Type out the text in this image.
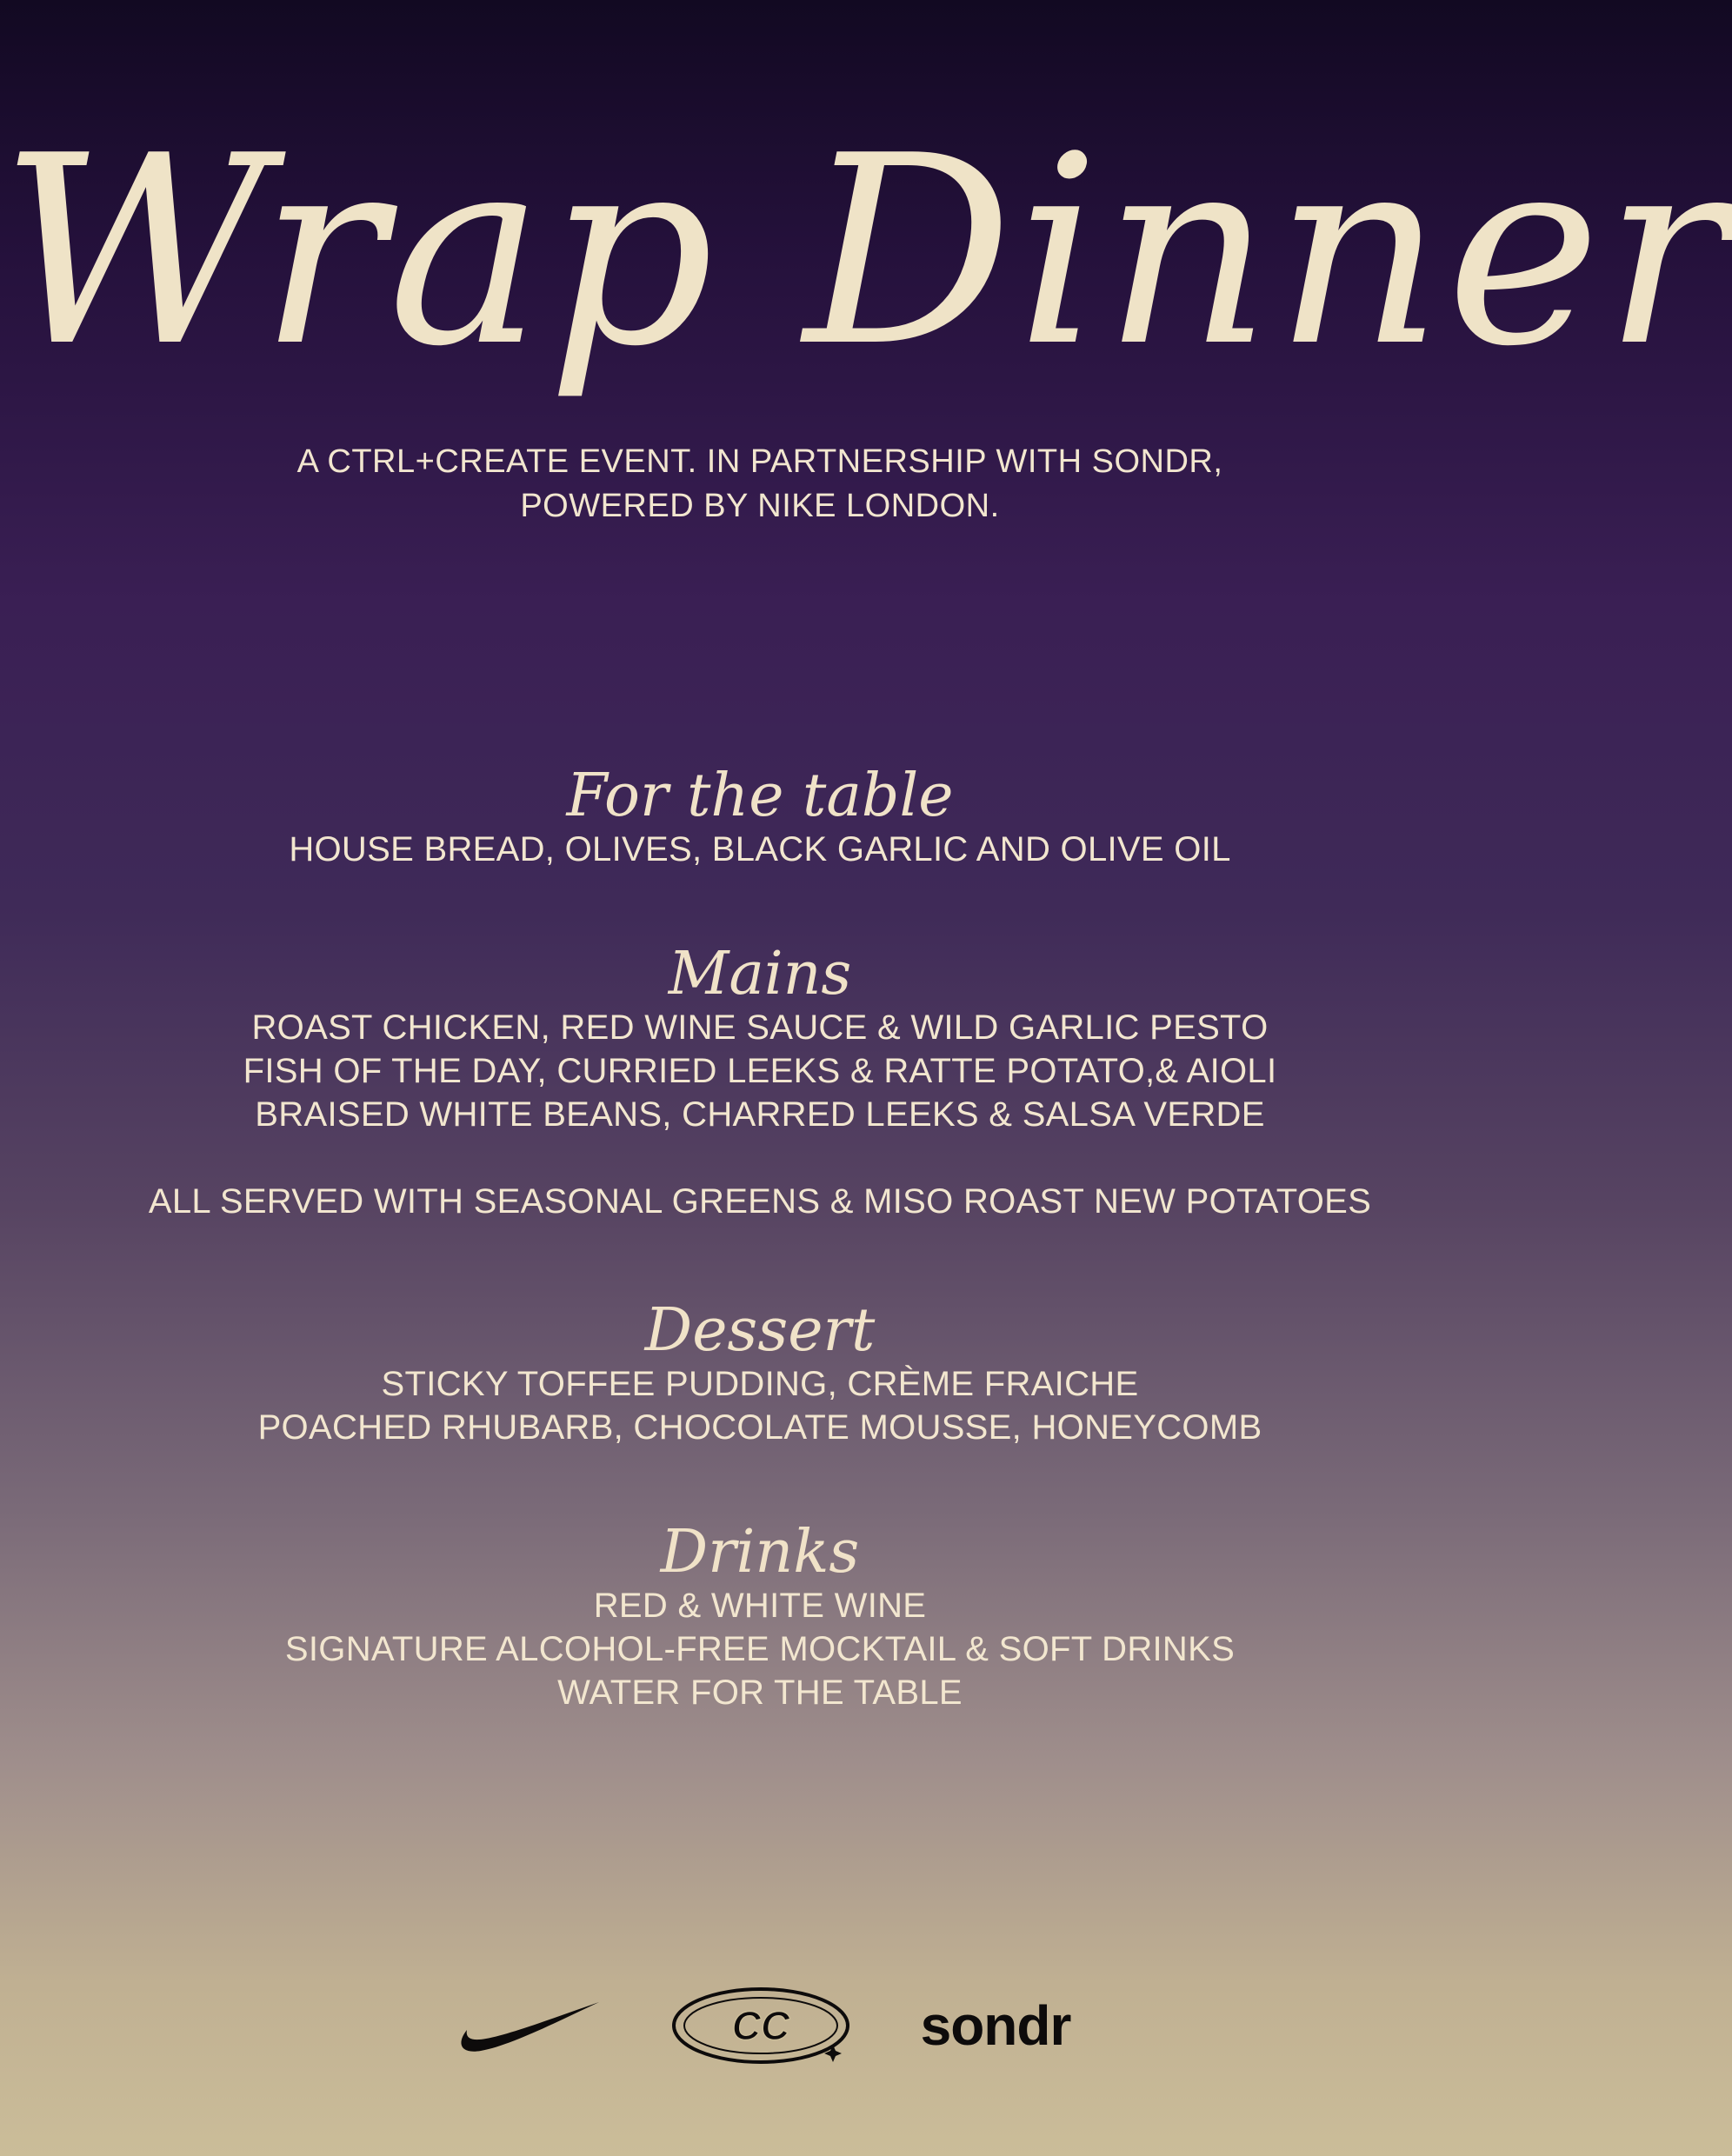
Wrap Dinner
A CTRL+CREATE EVENT. IN PARTNERSHIP WITH SONDR,
POWERED BY NIKE LONDON.
For the table
HOUSE BREAD, OLIVES, BLACK GARLIC AND OLIVE OIL
Mains
ROAST CHICKEN, RED WINE SAUCE & WILD GARLIC PESTO
FISH OF THE DAY, CURRIED LEEKS & RATTE POTATO,& AIOLI
BRAISED WHITE BEANS, CHARRED LEEKS & SALSA VERDE
ALL SERVED WITH SEASONAL GREENS & MISO ROAST NEW POTATOES
Dessert
STICKY TOFFEE PUDDING, CRÈME FRAICHE
POACHED RHUBARB, CHOCOLATE MOUSSE, HONEYCOMB
Drinks
RED & WHITE WINE
SIGNATURE ALCOHOL-FREE MOCKTAIL & SOFT DRINKS
WATER FOR THE TABLE
CC sondr
